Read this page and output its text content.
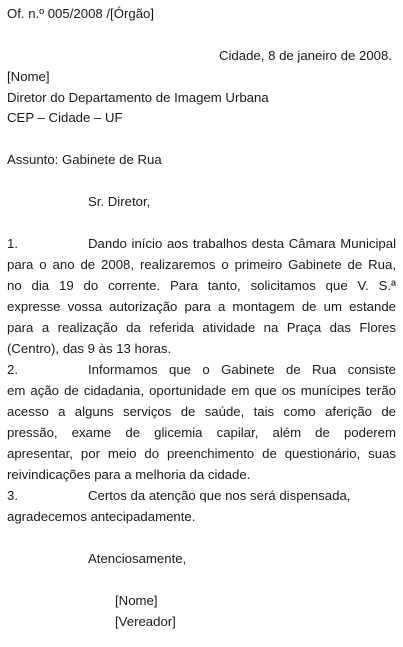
Of. n.º 005/2008 /[Órgão]
Cidade, 8 de janeiro de 2008.
[Nome]
Diretor do Departamento de Imagem Urbana
CEP – Cidade – UF
Assunto: Gabinete de Rua
Sr. Diretor,
1.	Dando início aos trabalhos desta Câmara Municipal
para o ano de 2008, realizaremos o primeiro Gabinete de Rua,
no dia 19 do corrente. Para tanto, solicitamos que V. S.ª
expresse vossa autorização para a montagem de um estande
para a realização da referida atividade na Praça das Flores
(Centro), das 9 às 13 horas.
2.	Informamos que o Gabinete de Rua consiste
em ação de cidadania, oportunidade em que os munícipes terão
acesso a alguns serviços de saúde, tais como aferição de
pressão, exame de glicemia capilar, além de poderem
apresentar, por meio do preenchimento de questionário, suas
reivindicações para a melhoria da cidade.
3.	Certos da atenção que nos será dispensada,
agradecemos antecipadamente.
Atenciosamente,
[Nome]
[Vereador]
